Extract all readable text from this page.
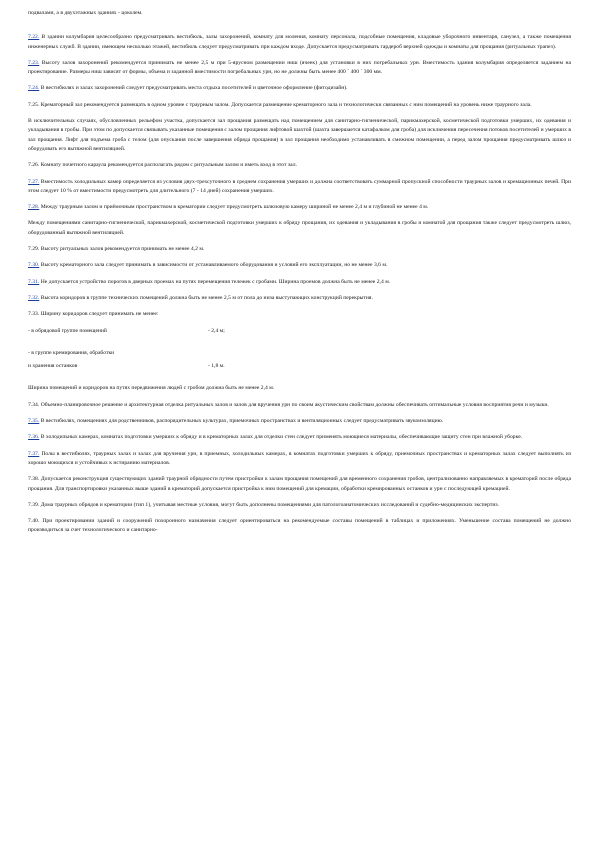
подвалами, а в двухэтажных зданиях - цоколем.

7.22. В здании колумбария целесообразно предусматривать вестибюль, залы захоронений, комнату для моления, комнату персонала, подсобные помещения, кладовые уборочного инвентаря, санузел, а также помещения инженерных служб. В здании, имеющем несколько этажей, вестибюль следует предусматривать при каждом входе. Допускается предусматривать гардероб верхней одежды и комнаты для прощания (ритуальных трапез).

7.23. Высоту залов захоронений рекомендуется принимать не менее 2,5 м при 5-ярусном размещении ниш (ячеек) для установки в них погребальных урн. Вместимость здания колумбария определяется заданием на проектирование. Размеры ниш зависят от формы, объема и заданной вместимости погребальных урн, но не должны быть менее 400 ´ 400 ´ 300 мм.

7.24. В вестибюлях и залах захоронений следует предусматривать места отдыха посетителей и цветочное оформление (фитодизайн).

7.25. Крематорный зал рекомендуется размещать в одном уровне с траурным залом. Допускается размещение крематорного зала и технологически связанных с ним помещений на уровень ниже траурного зала.

В исключительных случаях, обусловленных рельефом участка, допускается зал прощания размещать над помещением для санитарно-гигиенической, парикмахерской, косметической подготовки умерших, их одевания и укладывания в гробы. При этом по допускается связывать указанные помещения с залом прощания лифтовой шахтой (шахта завершается катафалком для гроба) для исключения пересечения потоков посетителей и умерших в зал прощания. Лифт для подъема гроба с телом (для опускания после завершения обряда прощания) в зал прощания необходимо устанавливать в смежном помещении, а перед залом прощания предусматривать шлюз и оборудовать его вытяжной вентиляцией.

7.26. Комнату почетного караула рекомендуется располагать рядом с ритуальным залом и иметь вход в этот зал.

7.27. Вместимость холодильных камер определяется из условия двух-трехсуточного в среднем сохранения умерших и должна соответствовать суммарной пропускной способности траурных залов и кремационных печей. При этом следует 10 % от вместимости предусмотреть для длительного (7 - 14 дней) сохранения умерших.

7.28. Между траурным залом и приёмочным пространством в крематории следует предусмотреть шлюзовую камеру шириной не менее 2,4 м и глубиной не менее 4 м.

Между помещениями санитарно-гигиенической, парикмахерской, косметической подготовки умерших к обряду прощания, их одевания и укладывания в гробы и комнатой для прощания также следует предусмотреть шлюз, оборудованный вытяжной вентиляцией.

7.29. Высоту ритуальных залов рекомендуется принимать не менее 4,2 м.

7.30. Высоту крематорного зала следует принимать в зависимости от устанавливаемого оборудования и условий его эксплуатации, но не менее 3,6 м.

7.31. Не допускается устройство порогов в дверных проемах на путях перемещения тележек с гробами. Ширина проемов должна быть не менее 2,4 м.

7.32. Высота коридоров в группе технических помещений должна быть не менее 2,5 м от пола до низа выступающих конструкций перекрытия.

7.33. Ширину коридоров следует принимать не менее:

- в обрядовой группе помещений	- 2,4 м;
- в группе кремирования, обработки
и хранения останков	- 1,8 м.

Ширина помещений и коридоров на путях передвижения людей с гробом должна быть не менее 2,4 м.

7.34. Объемно-планировочное решение и архитектурная отделка ритуальных залов и залов для вручения урн по своим акустическим свойствам должны обеспечивать оптимальные условия восприятия речи и музыки.

7.35. В вестибюлях, помещениях для родственников, распорядительных культурах, приемочных пространствах и вентиляционных следует предусматривать звукоизоляцию.

7.36. В холодильных камерах, комнатах подготовки умерших к обряду и в крематорных залах для отделки стен следует применять моющиеся материалы, обеспечивающие защиту стен при влажной уборке.

7.37. Полы в вестибюлях, траурных залах и залах для вручения урн, в приемных, холодильных камерах, в комнатах подготовки умерших к обряду, приемочных пространствах и крематорных залах следует выполнять из хорошо моющихся и устойчивых к истиранию материалов.

7.38. Допускается реконструкция существующих зданий траурной обрядности путем пристройки к залам прощания помещений для временного сохранения гробов, централизованно направляемых в крематорий после обряда прощания. Для транспортировки указанных выше зданий в крематорий допускается пристройка к ним помещений для кремации, обработки кремированных останков и урн с последующей кремацией.

7.39. Дома траурных обрядов и крематории (тип 1), учитывая местные условия, могут быть дополнены помещениями для патологоанатомических исследований и судебно-медицинских экспертиз.

7.40. При проектировании зданий и сооружений похоронного назначения следует ориентироваться на рекомендуемые составы помещений в таблицах и приложениях. Уменьшение состава помещений не должно производиться за счет технологического и санитарно-
